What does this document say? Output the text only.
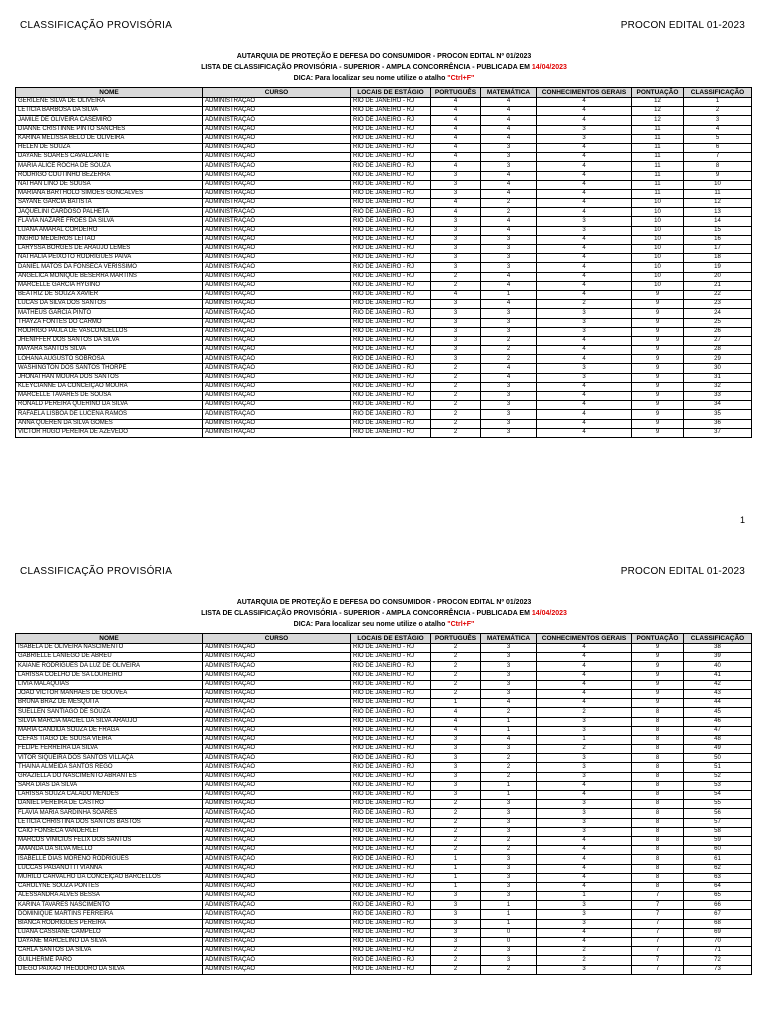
CLASSIFICAÇÃO PROVISÓRIA	PROCON EDITAL 01-2023
AUTARQUIA DE PROTEÇÃO E DEFESA DO CONSUMIDOR - PROCON EDITAL Nº 01/2023
LISTA DE CLASSIFICAÇÃO PROVISÓRIA - SUPERIOR - AMPLA CONCORRÊNCIA - PUBLICADA EM 14/04/2023
DICA: Para localizar seu nome utilize o atalho "Ctrl+F"
NOME	CURSO	LOCAIS DE ESTÁGIO	PORTUGUÊS	MATEMÁTICA	CONHECIMENTOS GERAIS	PONTUAÇÃO	CLASSIFICAÇÃO
GERILENE SILVA DE OLIVEIRA	ADMINISTRAÇÃO	RIO DE JANEIRO - RJ	4	4	4	12	1
LETÍCIA BARBOSA DA SILVA	ADMINISTRAÇÃO	RIO DE JANEIRO - RJ	4	4	4	12	2
JAMILE DE OLIVEIRA CASEMIRO	ADMINISTRAÇÃO	RIO DE JANEIRO - RJ	4	4	4	12	3
DIANNE CRISTINNE PINTO SANCHES	ADMINISTRAÇÃO	RIO DE JANEIRO - RJ	4	4	3	11	4
KARINA MELISSA BELO DE OLIVEIRA	ADMINISTRAÇÃO	RIO DE JANEIRO - RJ	4	4	3	11	5
HELEN DE SOUZA	ADMINISTRAÇÃO	RIO DE JANEIRO - RJ	4	3	4	11	6
DAYANE SOARES CAVALCANTE	ADMINISTRAÇÃO	RIO DE JANEIRO - RJ	4	3	4	11	7
MARIA ALICE ROCHA DE SOUZA	ADMINISTRAÇÃO	RIO DE JANEIRO - RJ	4	3	4	11	8
RODRIGO COUTINHO BEZERRA	ADMINISTRAÇÃO	RIO DE JANEIRO - RJ	3	4	4	11	9
NATHAN LINO DE SOUSA	ADMINISTRAÇÃO	RIO DE JANEIRO - RJ	3	4	4	11	10
MARIANA BARTHOLO SIMOES GONCALVES	ADMINISTRAÇÃO	RIO DE JANEIRO - RJ	3	4	4	11	11
SAYANE GARCIA BATISTA	ADMINISTRAÇÃO	RIO DE JANEIRO - RJ	4	2	4	10	12
JAQUELINI CARDOSO PALHETA	ADMINISTRAÇÃO	RIO DE JANEIRO - RJ	4	2	4	10	13
FLÁVIA NAZARÉ FROES DA SILVA	ADMINISTRAÇÃO	RIO DE JANEIRO - RJ	3	4	3	10	14
LUANA AMARAL CORDEIRO	ADMINISTRAÇÃO	RIO DE JANEIRO - RJ	3	4	3	10	15
INGRID MEDEIROS LEITAO	ADMINISTRAÇÃO	RIO DE JANEIRO - RJ	3	3	4	10	16
LARYSSA BORGES DE ARAUJO LEMES	ADMINISTRAÇÃO	RIO DE JANEIRO - RJ	3	3	4	10	17
NATHALIA PEIXOTO RODRIGUES PAIVA	ADMINISTRAÇÃO	RIO DE JANEIRO - RJ	3	3	4	10	18
DANIEL MATOS DA FONSECA VERÍSSIMO	ADMINISTRAÇÃO	RIO DE JANEIRO - RJ	3	3	4	10	19
ANGÉLICA MONIQUE BESERRA MARTINS	ADMINISTRAÇÃO	RIO DE JANEIRO - RJ	2	4	4	10	20
MARCELLE GARCIA HYGINO	ADMINISTRAÇÃO	RIO DE JANEIRO - RJ	2	4	4	10	21
BEATRIZ DE SOUZA XAVIER	ADMINISTRAÇÃO	RIO DE JANEIRO - RJ	4	1	4	9	22
LUCAS DA SILVA DOS SANTOS	ADMINISTRAÇÃO	RIO DE JANEIRO - RJ	3	4	2	9	23
MATHEUS GARCIA PINTO	ADMINISTRAÇÃO	RIO DE JANEIRO - RJ	3	3	3	9	24
THAYZA FONTES DO CARMO	ADMINISTRAÇÃO	RIO DE JANEIRO - RJ	3	3	3	9	25
RODRIGO PAULA DE VASCONCELLOS	ADMINISTRAÇÃO	RIO DE JANEIRO - RJ	3	3	3	9	26
JHENIFFER DOS SANTOS DA SILVA	ADMINISTRAÇÃO	RIO DE JANEIRO - RJ	3	2	4	9	27
MAYARA SANTOS SILVA	ADMINISTRAÇÃO	RIO DE JANEIRO - RJ	3	2	4	9	28
LOHANA AUGUSTO SOBROSA	ADMINISTRAÇÃO	RIO DE JANEIRO - RJ	3	2	4	9	29
WASHINGTON DOS SANTOS THORPE	ADMINISTRAÇÃO	RIO DE JANEIRO - RJ	2	4	3	9	30
JHONATHAN MOURA DOS SANTOS	ADMINISTRAÇÃO	RIO DE JANEIRO - RJ	2	4	3	9	31
KLEYCIANNE DA CONCEIÇÃO MOURA	ADMINISTRAÇÃO	RIO DE JANEIRO - RJ	2	3	4	9	32
MARCELLE TAVARES DE SOUSA	ADMINISTRAÇÃO	RIO DE JANEIRO - RJ	2	3	4	9	33
RONALD PEREIRA QUERINO DA SILVA	ADMINISTRAÇÃO	RIO DE JANEIRO - RJ	2	3	4	9	34
RAFAELA LISBOA DE LUCENA RAMOS	ADMINISTRAÇÃO	RIO DE JANEIRO - RJ	2	3	4	9	35
ANNA QUEREN DA SILVA GOMES	ADMINISTRAÇÃO	RIO DE JANEIRO - RJ	2	3	4	9	36
VICTOR HUGO PEREIRA DE AZEVEDO	ADMINISTRAÇÃO	RIO DE JANEIRO - RJ	2	3	4	9	37
1
CLASSIFICAÇÃO PROVISÓRIA	PROCON EDITAL 01-2023
AUTARQUIA DE PROTEÇÃO E DEFESA DO CONSUMIDOR - PROCON EDITAL Nº 01/2023
LISTA DE CLASSIFICAÇÃO PROVISÓRIA - SUPERIOR - AMPLA CONCORRÊNCIA - PUBLICADA EM 14/04/2023
DICA: Para localizar seu nome utilize o atalho "Ctrl+F"
NOME	CURSO	LOCAIS DE ESTÁGIO	PORTUGUÊS	MATEMÁTICA	CONHECIMENTOS GERAIS	PONTUAÇÃO	CLASSIFICAÇÃO
ISABELA DE OLIVEIRA NASCIMENTO	ADMINISTRAÇÃO	RIO DE JANEIRO - RJ	2	3	4	9	38
GABRIELLE LANIÊGO DE ABREU	ADMINISTRAÇÃO	RIO DE JANEIRO - RJ	2	3	4	9	39
KAIANE RODRIGUES DA LUZ DE OLIVEIRA	ADMINISTRAÇÃO	RIO DE JANEIRO - RJ	2	3	4	9	40
LARISSA COELHO DE SA LOUREIRO	ADMINISTRAÇÃO	RIO DE JANEIRO - RJ	2	3	4	9	41
LÍVIA MALAQUIAS	ADMINISTRAÇÃO	RIO DE JANEIRO - RJ	2	3	4	9	42
JOAO VICTOR MANHÃES DE GOUVÊA	ADMINISTRAÇÃO	RIO DE JANEIRO - RJ	2	3	4	9	43
BRUNA BRAZ DE MESQUITA	ADMINISTRAÇÃO	RIO DE JANEIRO - RJ	1	4	4	9	44
SUELLEN SANTIAGO DE SOUZA	ADMINISTRAÇÃO	RIO DE JANEIRO - RJ	4	2	2	8	45
SILVIA MÁRCIA MACIEL DA SILVA ARAÚJO	ADMINISTRAÇÃO	RIO DE JANEIRO - RJ	4	1	3	8	46
MARIA CÂNDIDA SOUZA DE FRAGA	ADMINISTRAÇÃO	RIO DE JANEIRO - RJ	4	1	3	8	47
CEFAS TIAGO DE SOUSA VIEIRA	ADMINISTRAÇÃO	RIO DE JANEIRO - RJ	3	4	1	8	48
FELIPE FERREIRA DA SILVA	ADMINISTRAÇÃO	RIO DE JANEIRO - RJ	3	3	2	8	49
VÍTOR SIQUEIRA DOS SANTOS VILLAÇA	ADMINISTRAÇÃO	RIO DE JANEIRO - RJ	3	2	3	8	50
THAINA ALMEIDA SANTOS REGO	ADMINISTRAÇÃO	RIO DE JANEIRO - RJ	3	2	3	8	51
GRAZIELLA DO NASCIMENTO ABRANTES	ADMINISTRAÇÃO	RIO DE JANEIRO - RJ	3	2	3	8	52
SARA DIAS DA SILVA	ADMINISTRAÇÃO	RIO DE JANEIRO - RJ	3	1	4	8	53
LARISSA SOUZA CALADO MENDES	ADMINISTRAÇÃO	RIO DE JANEIRO - RJ	3	1	4	8	54
DANIEL PEREIRA DE CASTRO	ADMINISTRAÇÃO	RIO DE JANEIRO - RJ	2	3	3	8	55
FLAVIA MARIA SARDINHA SOARES	ADMINISTRAÇÃO	RIO DE JANEIRO - RJ	2	3	3	8	56
LETÍCIA CHRISTINA DOS SANTOS BASTOS	ADMINISTRAÇÃO	RIO DE JANEIRO - RJ	2	3	3	8	57
CAIO FONSECA VANDERLEI	ADMINISTRAÇÃO	RIO DE JANEIRO - RJ	2	3	3	8	58
MARCOS VINICIUS FELIX DOS SANTOS	ADMINISTRAÇÃO	RIO DE JANEIRO - RJ	2	2	4	8	59
AMANDA DA SILVA MELLO	ADMINISTRAÇÃO	RIO DE JANEIRO - RJ	2	2	4	8	60
ISABELLE DIAS MORENO RODRIGUES	ADMINISTRAÇÃO	RIO DE JANEIRO - RJ	1	3	4	8	61
LUCCAS PAGANOTTI VIANNA	ADMINISTRAÇÃO	RIO DE JANEIRO - RJ	1	3	4	8	62
MURILO CARVALHO DA CONCEIÇÃO BARCELLOS	ADMINISTRAÇÃO	RIO DE JANEIRO - RJ	1	3	4	8	63
CAROLYNE SOUZA PONTES	ADMINISTRAÇÃO	RIO DE JANEIRO - RJ	1	3	4	8	64
ALESSANDRA ALVES BESSA	ADMINISTRAÇÃO	RIO DE JANEIRO - RJ	3	3	1	7	65
KARINA TAVARES NASCIMENTO	ADMINISTRAÇÃO	RIO DE JANEIRO - RJ	3	1	3	7	66
DOMINIQUE MARTINS FERREIRA	ADMINISTRAÇÃO	RIO DE JANEIRO - RJ	3	1	3	7	67
BIANCA RODRIGUES PEREIRA	ADMINISTRAÇÃO	RIO DE JANEIRO - RJ	3	1	3	7	68
LUANA CASSIANE CAMPELO	ADMINISTRAÇÃO	RIO DE JANEIRO - RJ	3	0	4	7	69
DAYANE MARCELINO DA SILVA	ADMINISTRAÇÃO	RIO DE JANEIRO - RJ	3	0	4	7	70
CARLA SANTOS DA SILVA	ADMINISTRAÇÃO	RIO DE JANEIRO - RJ	2	3	2	7	71
GUILHERME PARO	ADMINISTRAÇÃO	RIO DE JANEIRO - RJ	2	3	2	7	72
DIEGO PAIXAO THEODORO DA SILVA	ADMINISTRAÇÃO	RIO DE JANEIRO - RJ	2	2	3	7	73
